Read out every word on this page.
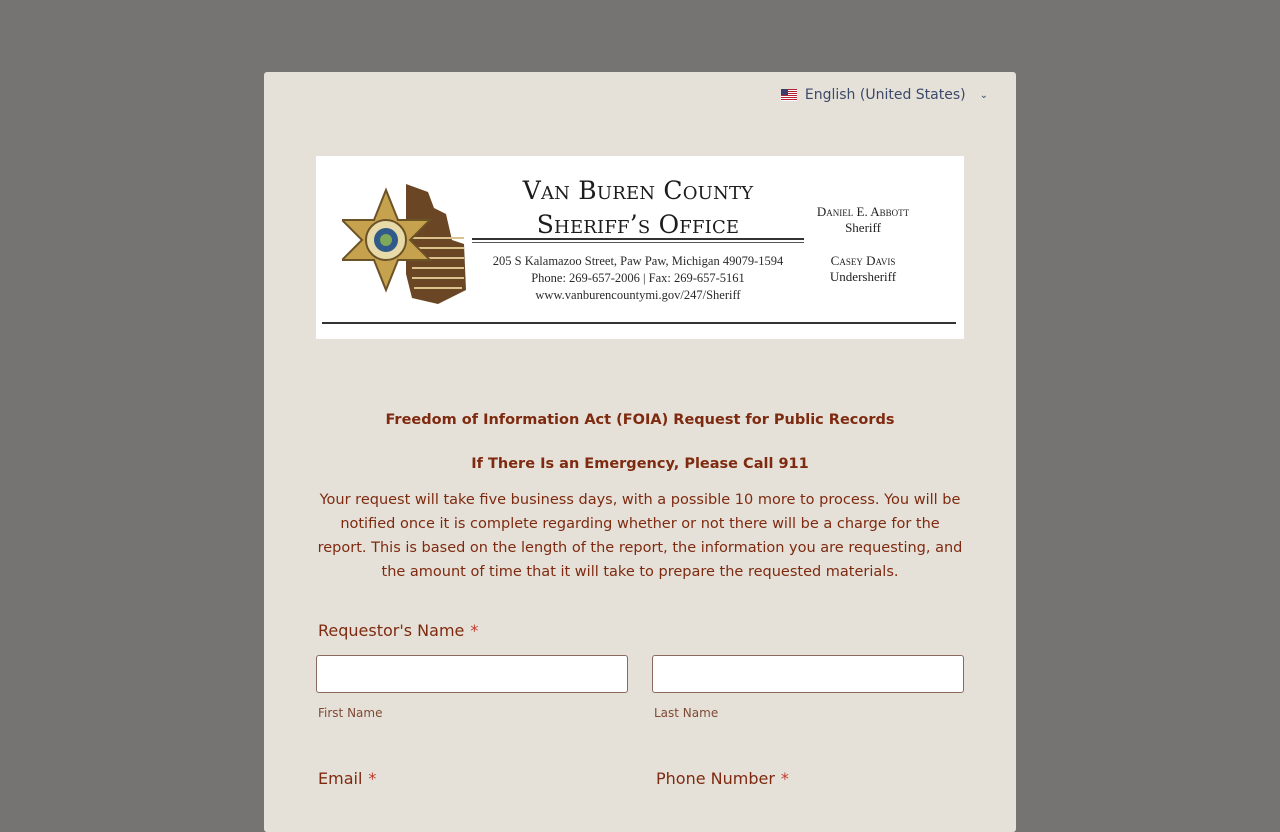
English (United States) ⌄
Van Buren County
Sheriff’s Office
205 S Kalamazoo Street, Paw Paw, Michigan 49079-1594
Phone: 269-657-2006 | Fax: 269-657-5161
www.vanburencountymi.gov/247/Sheriff
Daniel E. Abbott
Sheriff
Casey Davis
Undersheriff
Freedom of Information Act (FOIA) Request for Public Records
If There Is an Emergency, Please Call 911
Your request will take five business days, with a possible 10 more to process. You will be notified once it is complete regarding whether or not there will be a charge for the report. This is based on the length of the report, the information you are requesting, and the amount of time that it will take to prepare the requested materials.
Requestor's Name *
First Name	Last Name
Email *	Phone Number *
